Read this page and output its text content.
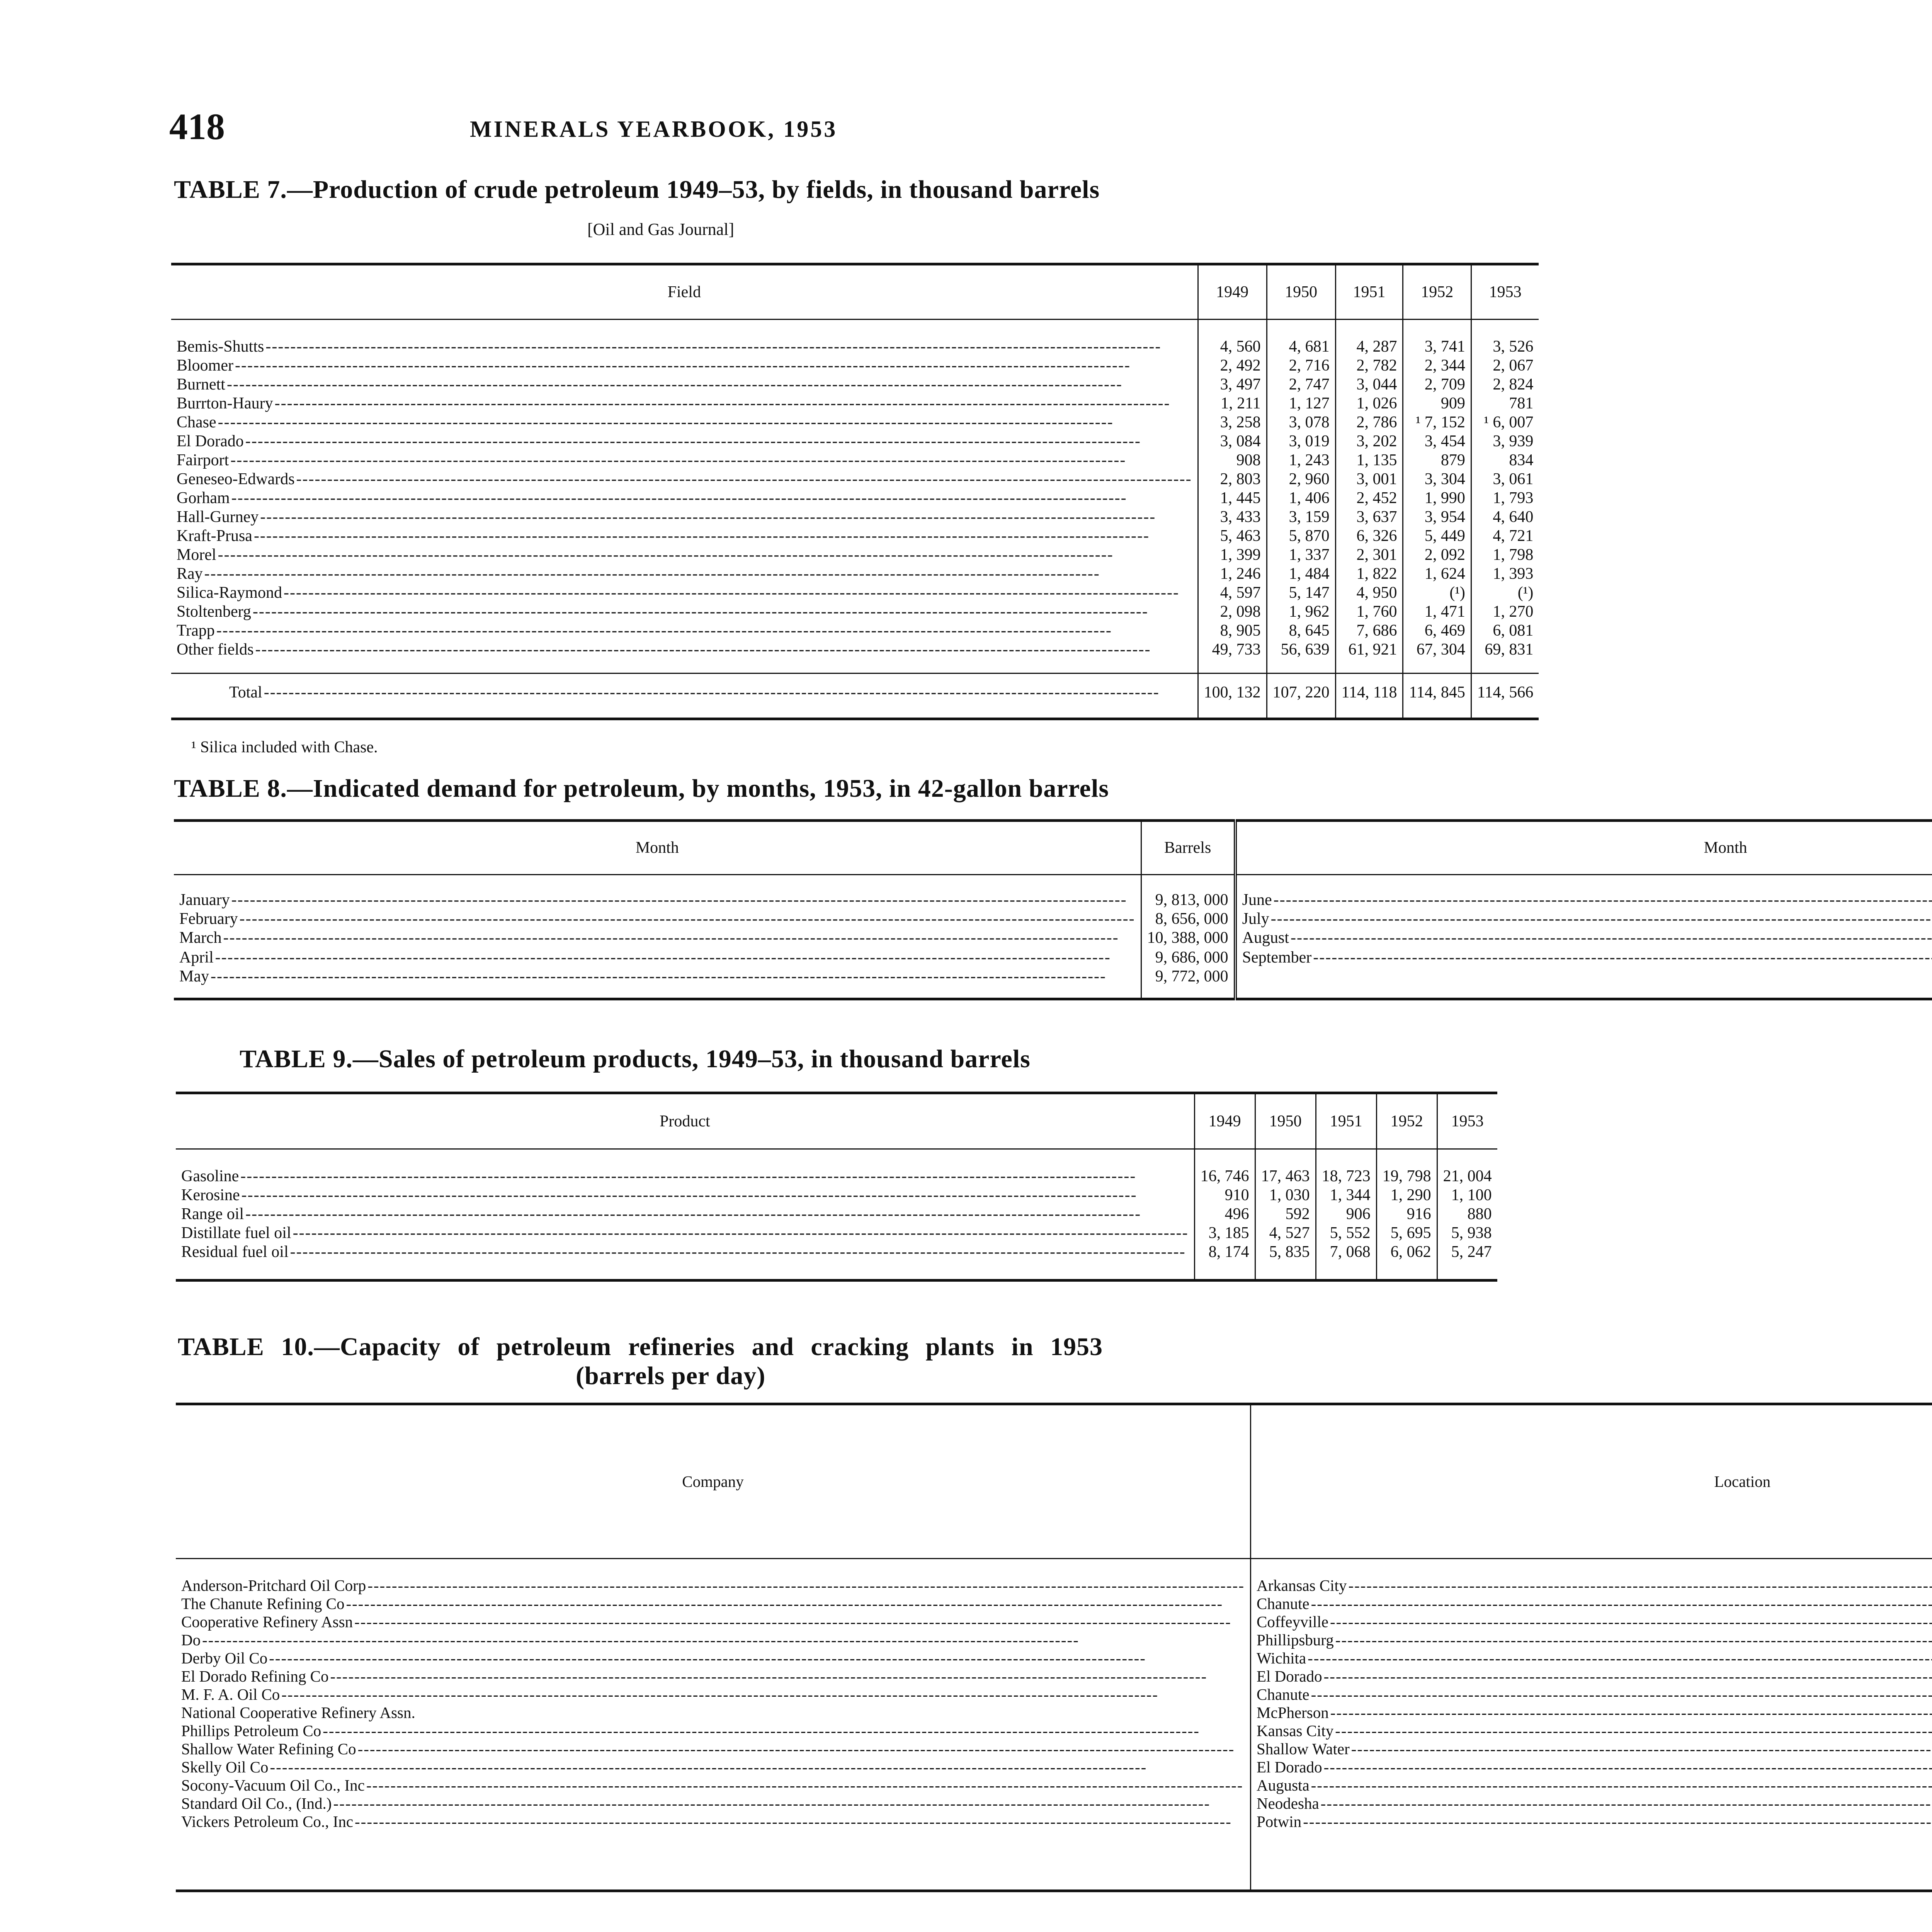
418	MINERALS YEARBOOK, 1953
TABLE 7.—Production of crude petroleum 1949–53, by fields, in thousand barrels
[Oil and Gas Journal]
Field	1949	1950	1951	1952	1953
Bemis-Shutts -----	4, 560	4, 681	4, 287	3, 741	3, 526
Bloomer -----	2, 492	2, 716	2, 782	2, 344	2, 067
Burnett -----	3, 497	2, 747	3, 044	2, 709	2, 824
Burrton-Haury -----	1, 211	1, 127	1, 026	909	781
Chase -----	3, 258	3, 078	2, 786	¹ 7, 152	¹ 6, 007
El Dorado -----	3, 084	3, 019	3, 202	3, 454	3, 939
Fairport -----	908	1, 243	1, 135	879	834
Geneseo-Edwards -----	2, 803	2, 960	3, 001	3, 304	3, 061
Gorham -----	1, 445	1, 406	2, 452	1, 990	1, 793
Hall-Gurney -----	3, 433	3, 159	3, 637	3, 954	4, 640
Kraft-Prusa -----	5, 463	5, 870	6, 326	5, 449	4, 721
Morel -----	1, 399	1, 337	2, 301	2, 092	1, 798
Ray -----	1, 246	1, 484	1, 822	1, 624	1, 393
Silica-Raymond -----	4, 597	5, 147	4, 950	(¹)	(¹)
Stoltenberg -----	2, 098	1, 962	1, 760	1, 471	1, 270
Trapp -----	8, 905	8, 645	7, 686	6, 469	6, 081
Other fields -----	49, 733	56, 639	61, 921	67, 304	69, 831
Total -----	100, 132	107, 220	114, 118	114, 845	114, 566
¹ Silica included with Chase.
TABLE 8.—Indicated demand for petroleum, by months, 1953, in 42-gallon barrels
Month	Barrels	Month			
January -----	9, 813, 000	June -----			
February -----	8, 656, 000	July -----			
March -----	10, 388, 000	August -----			
April -----	9, 686, 000	September -----			
May -----	9, 772, 000				
TABLE 9.—Sales of petroleum products, 1949–53, in thousand barrels
Product	1949	1950	1951	1952	1953
Gasoline -----	16, 746	17, 463	18, 723	19, 798	21, 004
Kerosine -----	910	1, 030	1, 344	1, 290	1, 100
Range oil -----	496	592	906	916	880
Distillate fuel oil -----	3, 185	4, 527	5, 552	5, 695	5, 938
Residual fuel oil -----	8, 174	5, 835	7, 068	6, 062	5, 247
TABLE 10.—Capacity of petroleum refineries and cracking plants in 1953
(barrels per day)
Company	Location		

Anderson-Pritchard Oil Corp -----	Arkansas City -----						
The Chanute Refining Co -----	Chanute -----						
Cooperative Refinery Assn -----	Coffeyville -----						
Do -----	Phillipsburg -----						
Derby Oil Co -----	Wichita -----						
El Dorado Refining Co -----	El Dorado -----						
M. F. A. Oil Co -----	Chanute -----						
National Cooperative Refinery Assn.	McPherson -----						
Phillips Petroleum Co -----	Kansas City -----						
Shallow Water Refining Co -----	Shallow Water -----						
Skelly Oil Co -----	El Dorado -----						
Socony-Vacuum Oil Co., Inc -----	Augusta -----						
Standard Oil Co., (Ind.) -----	Neodesha -----						
Vickers Petroleum Co., Inc -----	Potwin -----						
